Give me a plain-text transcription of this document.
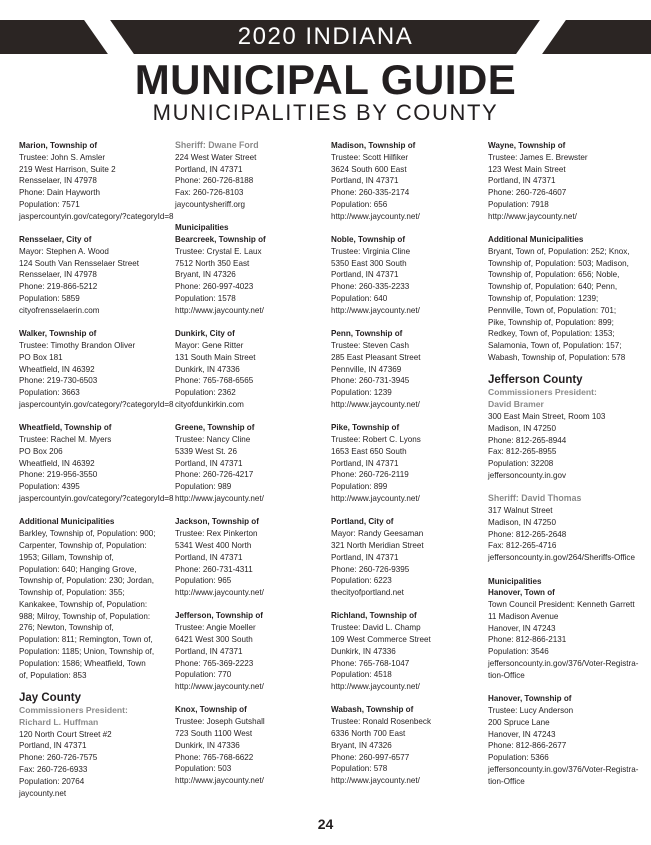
2020 INDIANA
MUNICIPAL GUIDE
MUNICIPALITIES BY COUNTY
Marion, Township of
Trustee: John S. Amsler
219 West Harrison, Suite 2
Rensselaer, IN 47978
Phone: Dain Hayworth
Population: 7571
jaspercountyin.gov/category/?categoryId=8
Rensselaer, City of
Mayor: Stephen A. Wood
124 South Van Rensselaer Street
Rensselaer, IN 47978
Phone: 219-866-5212
Population: 5859
cityofrensselaerin.com
Walker, Township of
Trustee: Timothy Brandon Oliver
PO Box 181
Wheatfield, IN 46392
Phone: 219-730-6503
Population: 3663
jaspercountyin.gov/category/?categoryId=8
Wheatfield, Township of
Trustee: Rachel M. Myers
PO Box 206
Wheatfield, IN 46392
Phone: 219-956-3550
Population: 4395
jaspercountyin.gov/category/?categoryId=8
Additional Municipalities
Barkley, Township of, Population: 900; Carpenter, Township of, Population: 1953; Gillam, Township of, Population: 640; Hanging Grove, Township of, Population: 230; Jordan, Township of, Population: 355; Kankakee, Township of, Population: 988; Milroy, Township of, Population: 276; Newton, Township of, Population: 811; Remington, Town of, Population: 1185; Union, Township of, Population: 1586; Wheatfield, Town of, Population: 853
Jay County
Commissioners President:
Richard L. Huffman
120 North Court Street #2
Portland, IN 47371
Phone: 260-726-7575
Fax: 260-726-6933
Population: 20764
jaycounty.net
Sheriff: Dwane Ford
224 West Water Street
Portland, IN 47371
Phone: 260-726-8188
Fax: 260-726-8103
jaycountysheriff.org
Municipalities
Bearcreek, Township of
Trustee: Crystal E. Laux
7512 North 350 East
Bryant, IN 47326
Phone: 260-997-4023
Population: 1578
http://www.jaycounty.net/
Dunkirk, City of
Mayor: Gene Ritter
131 South Main Street
Dunkirk, IN 47336
Phone: 765-768-6565
Population: 2362
cityofdunkirkin.com
Greene, Township of
Trustee: Nancy Cline
5339 West St. 26
Portland, IN 47371
Phone: 260-726-4217
Population: 989
http://www.jaycounty.net/
Jackson, Township of
Trustee: Rex Pinkerton
5341 West 400 North
Portland, IN 47371
Phone: 260-731-4311
Population: 965
http://www.jaycounty.net/
Jefferson, Township of
Trustee: Angie Moeller
6421 West 300 South
Portland, IN 47371
Phone: 765-369-2223
Population: 770
http://www.jaycounty.net/
Knox, Township of
Trustee: Joseph Gutshall
723 South 1100 West
Dunkirk, IN 47336
Phone: 765-768-6622
Population: 503
http://www.jaycounty.net/
Madison, Township of
Trustee: Scott Hilfiker
3624 South 600 East
Portland, IN 47371
Phone: 260-335-2174
Population: 656
http://www.jaycounty.net/
Noble, Township of
Trustee: Virginia Cline
5350 East 300 South
Portland, IN 47371
Phone: 260-335-2233
Population: 640
http://www.jaycounty.net/
Penn, Township of
Trustee: Steven Cash
285 East Pleasant Street
Pennville, IN 47369
Phone: 260-731-3945
Population: 1239
http://www.jaycounty.net/
Pike, Township of
Trustee: Robert C. Lyons
1653 East 650 South
Portland, IN 47371
Phone: 260-726-2119
Population: 899
http://www.jaycounty.net/
Portland, City of
Mayor: Randy Geesaman
321 North Meridian Street
Portland, IN 47371
Phone: 260-726-9395
Population: 6223
thecityofportland.net
Richland, Township of
Trustee: David L. Champ
109 West Commerce Street
Dunkirk, IN 47336
Phone: 765-768-1047
Population: 4518
http://www.jaycounty.net/
Wabash, Township of
Trustee: Ronald Rosenbeck
6336 North 700 East
Bryant, IN 47326
Phone: 260-997-6577
Population: 578
http://www.jaycounty.net/
Wayne, Township of
Trustee: James E. Brewster
123 West Main Street
Portland, IN 47371
Phone: 260-726-4607
Population: 7918
http://www.jaycounty.net/
Additional Municipalities
Bryant, Town of, Population: 252; Knox, Township of, Population: 503; Madison, Township of, Population: 656; Noble, Township of, Population: 640; Penn, Township of, Population: 1239; Pennville, Town of, Population: 701; Pike, Township of, Population: 899; Redkey, Town of, Population: 1353; Salamonia, Town of, Population: 157; Wabash, Township of, Population: 578
Jefferson County
Commissioners President:
David Bramer
300 East Main Street, Room 103
Madison, IN 47250
Phone: 812-265-8944
Fax: 812-265-8955
Population: 32208
jeffersoncounty.in.gov
Sheriff: David Thomas
317 Walnut Street
Madison, IN 47250
Phone: 812-265-2648
Fax: 812-265-4716
jeffersoncounty.in.gov/264/Sheriffs-Office
Municipalities
Hanover, Town of
Town Council President: Kenneth Garrett
11 Madison Avenue
Hanover, IN 47243
Phone: 812-866-2131
Population: 3546
jeffersoncounty.in.gov/376/Voter-Registra-
tion-Office
Hanover, Township of
Trustee: Lucy Anderson
200 Spruce Lane
Hanover, IN 47243
Phone: 812-866-2677
Population: 5366
jeffersoncounty.in.gov/376/Voter-Registra-
tion-Office
24
